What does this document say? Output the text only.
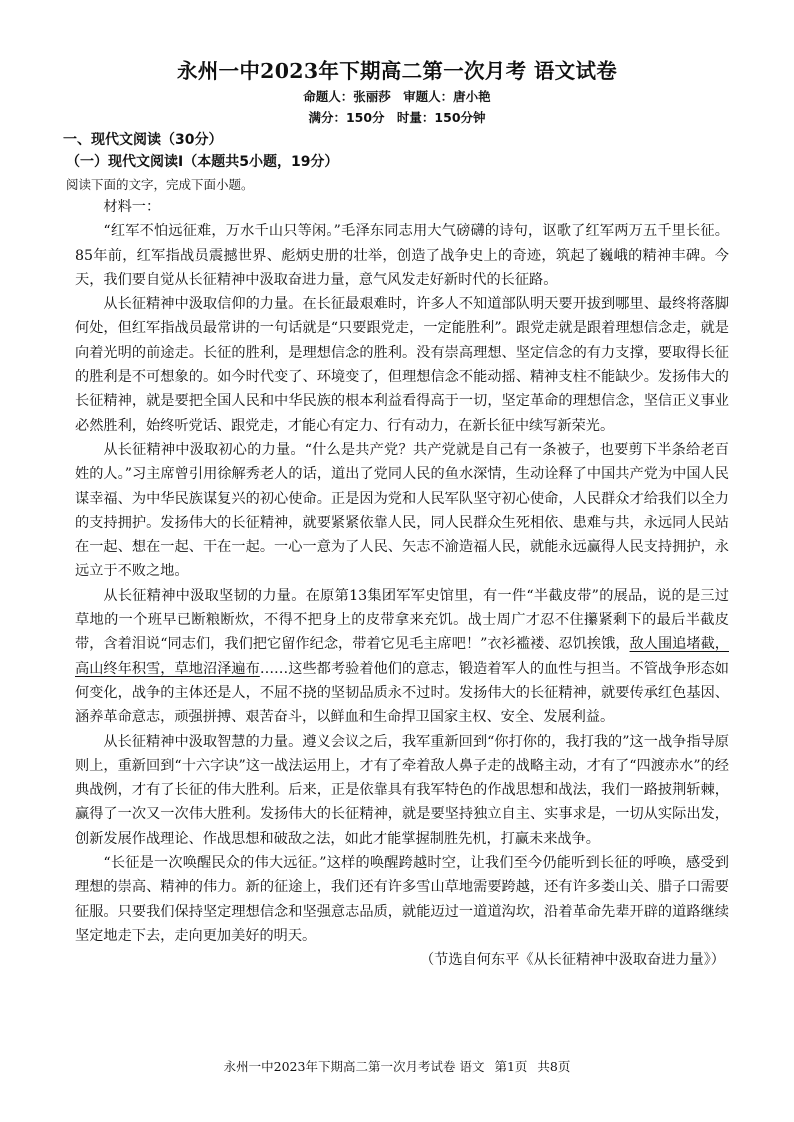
永州一中2023年下期高二第一次月考 语文试卷
命题人：张丽莎 审题人：唐小艳
满分：150分 时量：150分钟
一、现代文阅读（30分）
（一）现代文阅读Ⅰ（本题共5小题，19分）
阅读下面的文字，完成下面小题。

材料一：

“红军不怕远征难，万水千山只等闲。”毛泽东同志用大气磅礴的诗句，讴歌了红军两万五千里长征。85年前，红军指战员震撼世界、彪炳史册的壮举，创造了战争史上的奇迹，筑起了巍峨的精神丰碑。今天，我们要自觉从长征精神中汲取奋进力量，意气风发走好新时代的长征路。

从长征精神中汲取信仰的力量。在长征最艰难时，许多人不知道部队明天要开拔到哪里、最终将落脚何处，但红军指战员最常讲的一句话就是“只要跟党走，一定能胜利”。跟党走就是跟着理想信念走，就是向着光明的前途走。长征的胜利，是理想信念的胜利。没有崇高理想、坚定信念的有力支撑，要取得长征的胜利是不可想象的。如今时代变了、环境变了，但理想信念不能动摇、精神支柱不能缺少。发扬伟大的长征精神，就是要把全国人民和中华民族的根本利益看得高于一切，坚定革命的理想信念，坚信正义事业必然胜利，始终听党话、跟党走，才能心有定力、行有动力，在新长征中续写新荣光。

从长征精神中汲取初心的力量。“什么是共产党？共产党就是自己有一条被子，也要剪下半条给老百姓的人。”习主席曾引用徐解秀老人的话，道出了党同人民的鱼水深情，生动诠释了中国共产党为中国人民谋幸福、为中华民族谋复兴的初心使命。正是因为党和人民军队坚守初心使命，人民群众才给我们以全力的支持拥护。发扬伟大的长征精神，就要紧紧依靠人民，同人民群众生死相依、患难与共，永远同人民站在一起、想在一起、干在一起。一心一意为了人民、矢志不渝造福人民，就能永远赢得人民支持拥护，永远立于不败之地。

从长征精神中汲取坚韧的力量。在原第13集团军军史馆里，有一件“半截皮带”的展品，说的是三过草地的一个班早已断粮断炊，不得不把身上的皮带拿来充饥。战士周广才忍不住攥紧剩下的最后半截皮带，含着泪说“同志们，我们把它留作纪念，带着它见毛主席吧！”衣衫褴褛、忍饥挨饿，敌人围追堵截，高山终年积雪，草地沼泽遍布……这些都考验着他们的意志，锻造着军人的血性与担当。不管战争形态如何变化，战争的主体还是人，不屈不挠的坚韧品质永不过时。发扬伟大的长征精神，就要传承红色基因、涵养革命意志，顽强拼搏、艰苦奋斗，以鲜血和生命捍卫国家主权、安全、发展利益。

从长征精神中汲取智慧的力量。遵义会议之后，我军重新回到“你打你的，我打我的”这一战争指导原则上，重新回到“十六字诀”这一战法运用上，才有了牵着敌人鼻子走的战略主动，才有了“四渡赤水”的经典战例，才有了长征的伟大胜利。后来，正是依靠具有我军特色的作战思想和战法，我们一路披荆斩棘，赢得了一次又一次伟大胜利。发扬伟大的长征精神，就是要坚持独立自主、实事求是，一切从实际出发，创新发展作战理论、作战思想和破敌之法，如此才能掌握制胜先机，打赢未来战争。

“长征是一次唤醒民众的伟大远征。”这样的唤醒跨越时空，让我们至今仍能听到长征的呼唤，感受到理想的崇高、精神的伟力。新的征途上，我们还有许多雪山草地需要跨越，还有许多娄山关、腊子口需要征服。只要我们保持坚定理想信念和坚强意志品质，就能迈过一道道沟坎，沿着革命先辈开辟的道路继续坚定地走下去，走向更加美好的明天。

（节选自何东平《从长征精神中汲取奋进力量》）

永州一中2023年下期高二第一次月考试卷 语文 第1页 共8页
